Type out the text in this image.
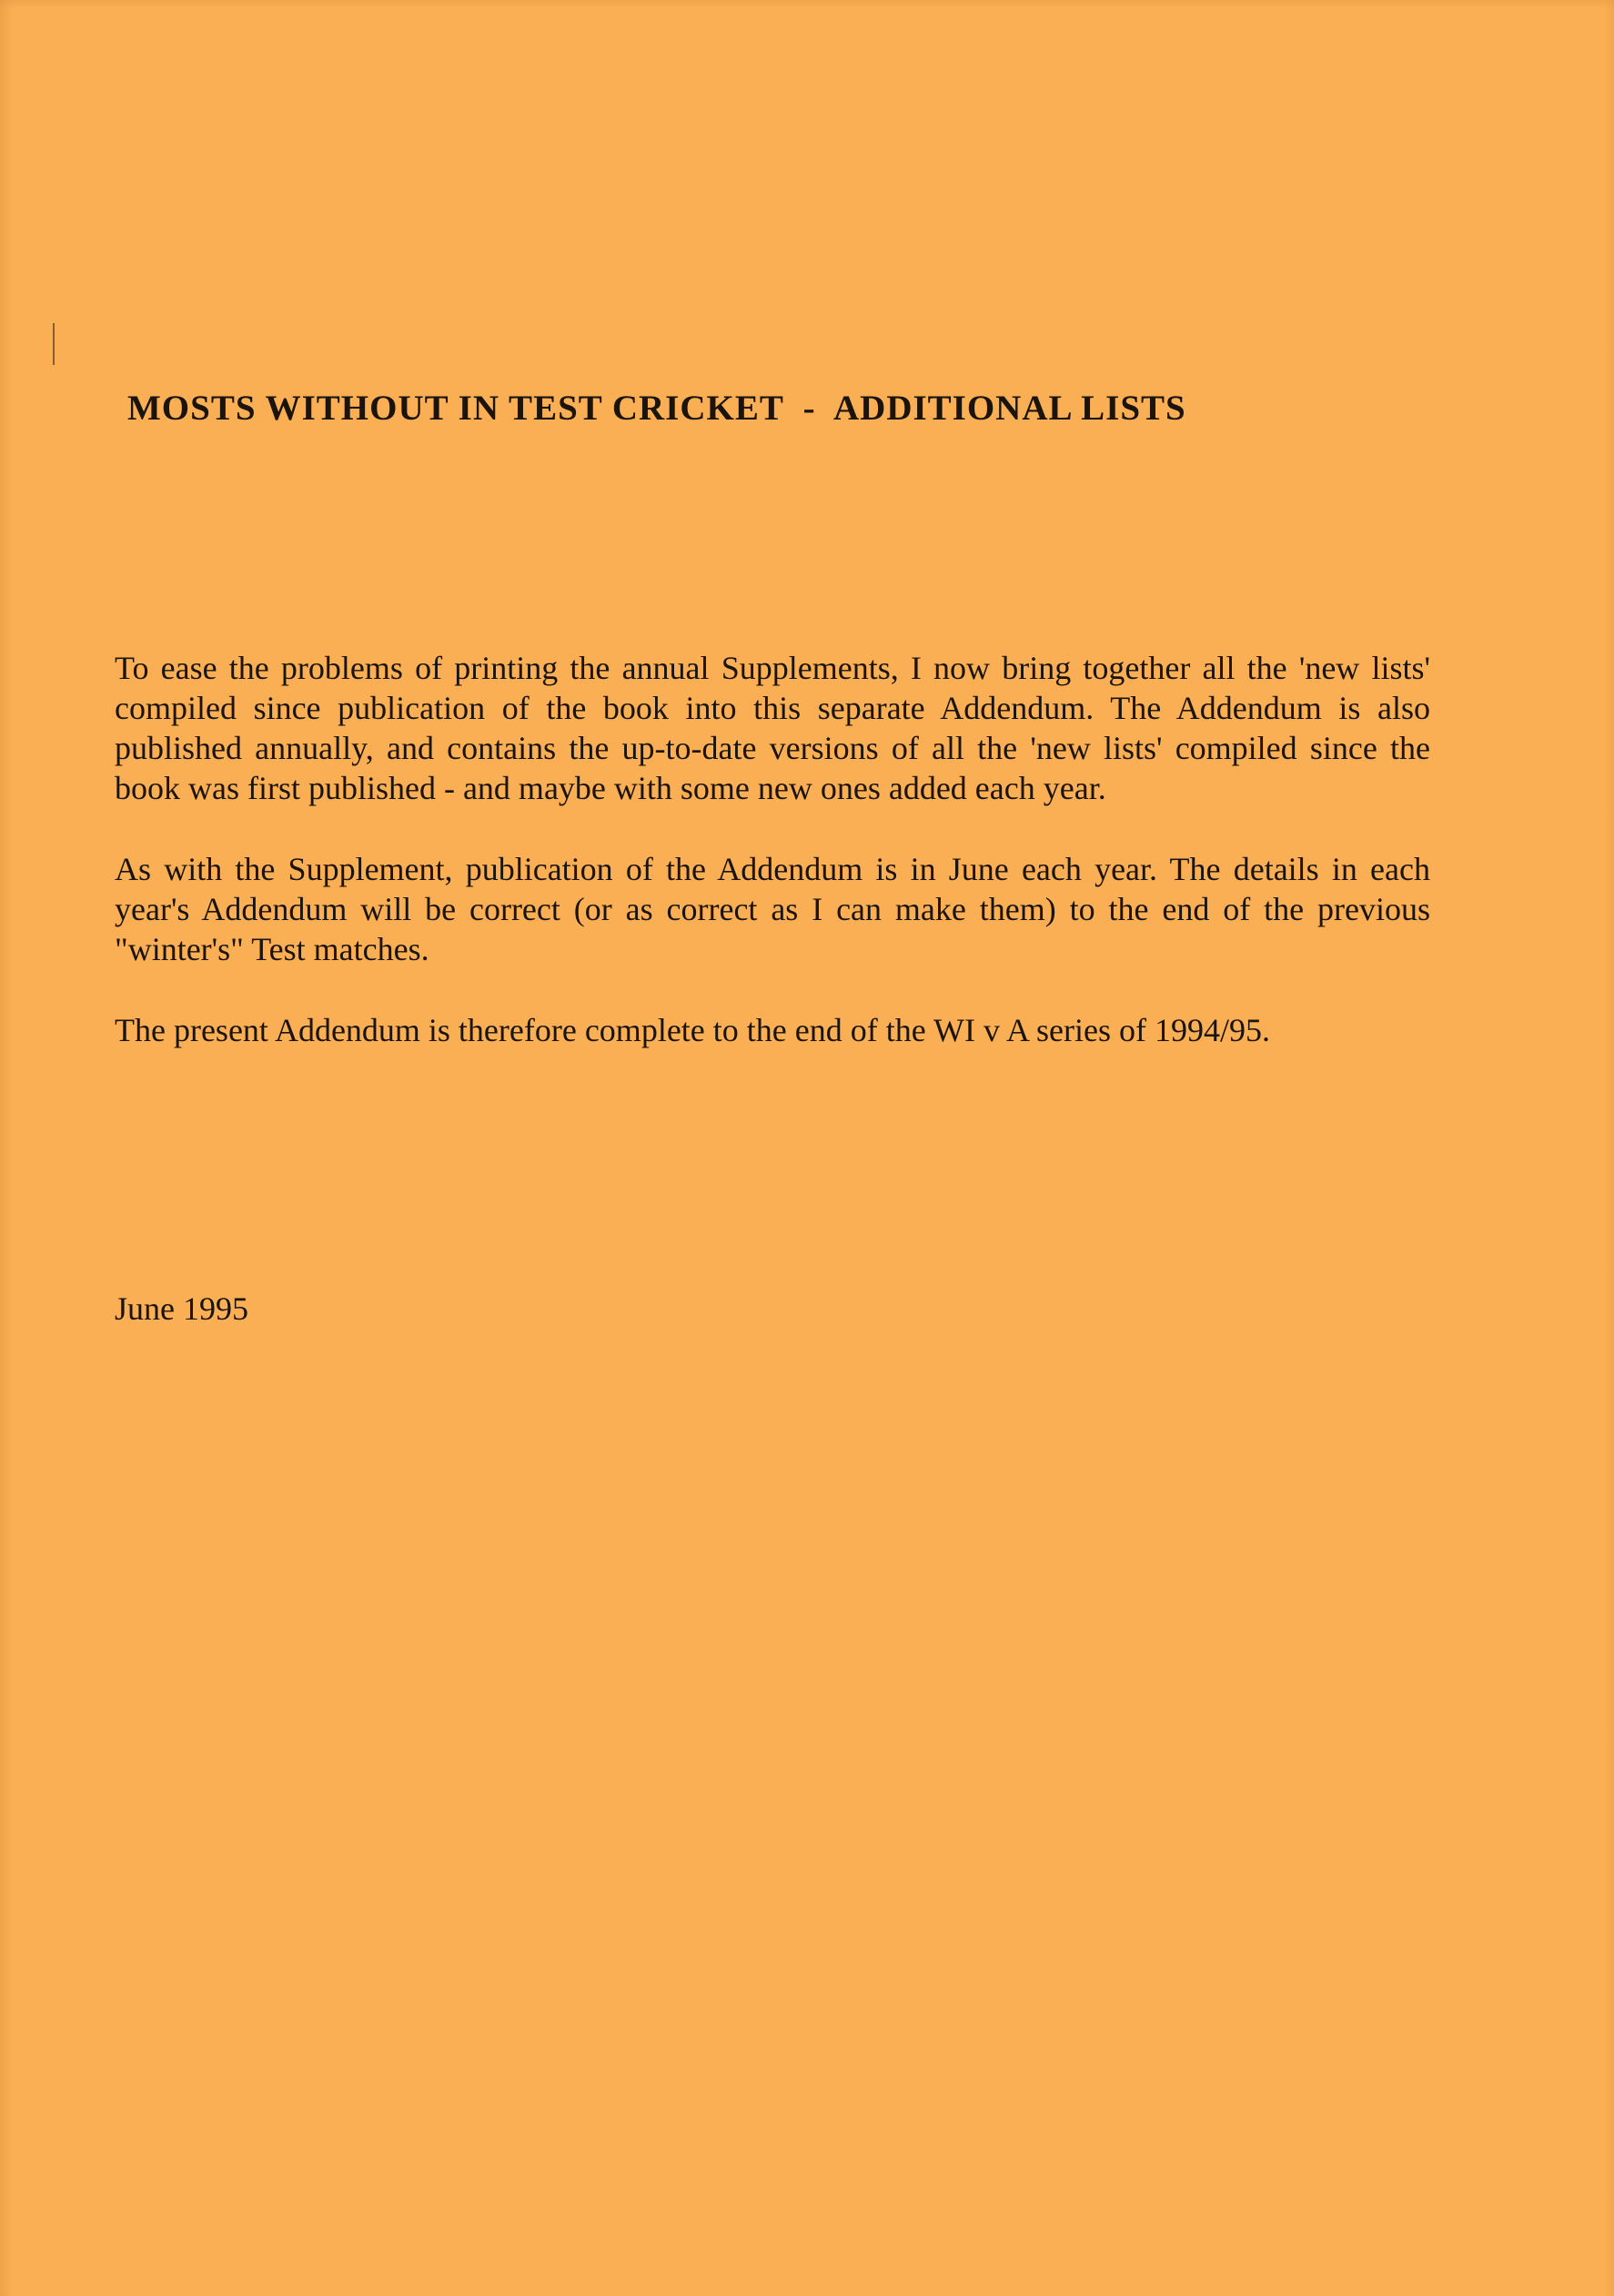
MOSTS WITHOUT IN TEST CRICKET  -  ADDITIONAL LISTS

To ease the problems of printing the annual Supplements, I now bring together all the 'new lists' compiled since publication of the book into this separate Addendum. The Addendum is also published annually, and contains the up-to-date versions of all the 'new lists' compiled since the book was first published - and maybe with some new ones added each year.

As with the Supplement, publication of the Addendum is in June each year. The details in each year's Addendum will be correct (or as correct as I can make them) to the end of the previous "winter's" Test matches.

The present Addendum is therefore complete to the end of the WI v A series of 1994/95.

June 1995
